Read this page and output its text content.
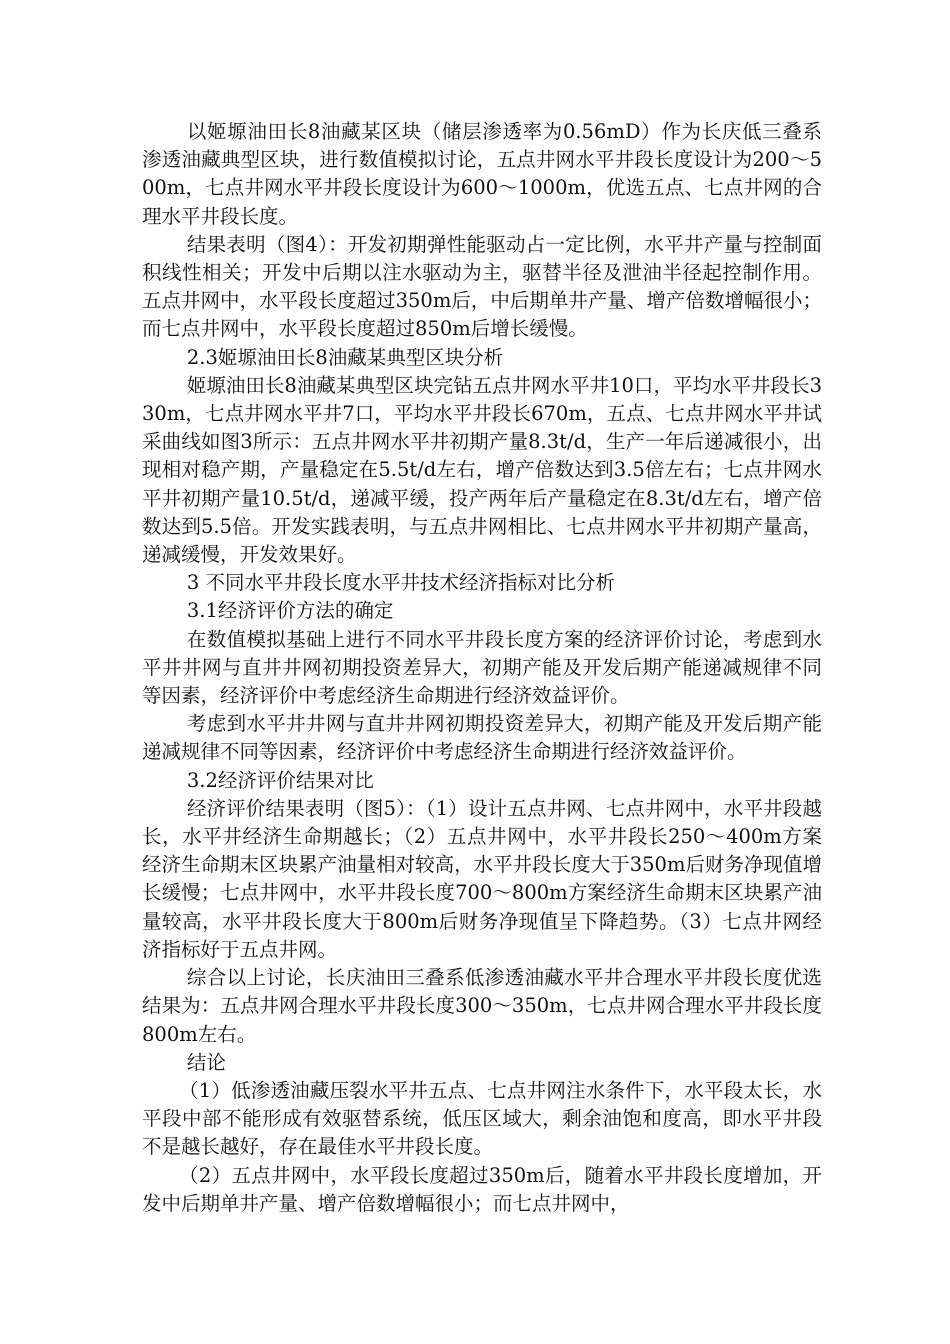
以姬塬油田长8油藏某区块（储层渗透率为0.56mD）作为长庆低三叠系渗透油藏典型区块，进行数值模拟讨论，五点井网水平井段长度设计为200～500m，七点井网水平井段长度设计为600～1000m，优选五点、七点井网的合理水平井段长度。

结果表明（图4）：开发初期弹性能驱动占一定比例，水平井产量与控制面积线性相关；开发中后期以注水驱动为主，驱替半径及泄油半径起控制作用。五点井网中，水平段长度超过350m后，中后期单井产量、增产倍数增幅很小；而七点井网中，水平段长度超过850m后增长缓慢。

2.3姬塬油田长8油藏某典型区块分析

姬塬油田长8油藏某典型区块完钻五点井网水平井10口，平均水平井段长330m，七点井网水平井7口，平均水平井段长670m，五点、七点井网水平井试采曲线如图3所示：五点井网水平井初期产量8.3t/d，生产一年后递减很小，出现相对稳产期，产量稳定在5.5t/d左右，增产倍数达到3.5倍左右；七点井网水平井初期产量10.5t/d，递减平缓，投产两年后产量稳定在8.3t/d左右，增产倍数达到5.5倍。开发实践表明，与五点井网相比、七点井网水平井初期产量高，递减缓慢，开发效果好。

3 不同水平井段长度水平井技术经济指标对比分析

3.1经济评价方法的确定

在数值模拟基础上进行不同水平井段长度方案的经济评价讨论，考虑到水平井井网与直井井网初期投资差异大，初期产能及开发后期产能递减规律不同等因素，经济评价中考虑经济生命期进行经济效益评价。

考虑到水平井井网与直井井网初期投资差异大，初期产能及开发后期产能递减规律不同等因素，经济评价中考虑经济生命期进行经济效益评价。

3.2经济评价结果对比

经济评价结果表明（图5）：（1）设计五点井网、七点井网中，水平井段越长，水平井经济生命期越长；（2）五点井网中，水平井段长250～400m方案经济生命期末区块累产油量相对较高，水平井段长度大于350m后财务净现值增长缓慢；七点井网中，水平井段长度700～800m方案经济生命期末区块累产油量较高，水平井段长度大于800m后财务净现值呈下降趋势。（3）七点井网经济指标好于五点井网。

综合以上讨论，长庆油田三叠系低渗透油藏水平井合理水平井段长度优选结果为：五点井网合理水平井段长度300～350m，七点井网合理水平井段长度800m左右。

结论

（1）低渗透油藏压裂水平井五点、七点井网注水条件下，水平段太长，水平段中部不能形成有效驱替系统，低压区域大，剩余油饱和度高，即水平井段不是越长越好，存在最佳水平井段长度。

（2）五点井网中，水平段长度超过350m后，随着水平井段长度增加，开发中后期单井产量、增产倍数增幅很小；而七点井网中，
